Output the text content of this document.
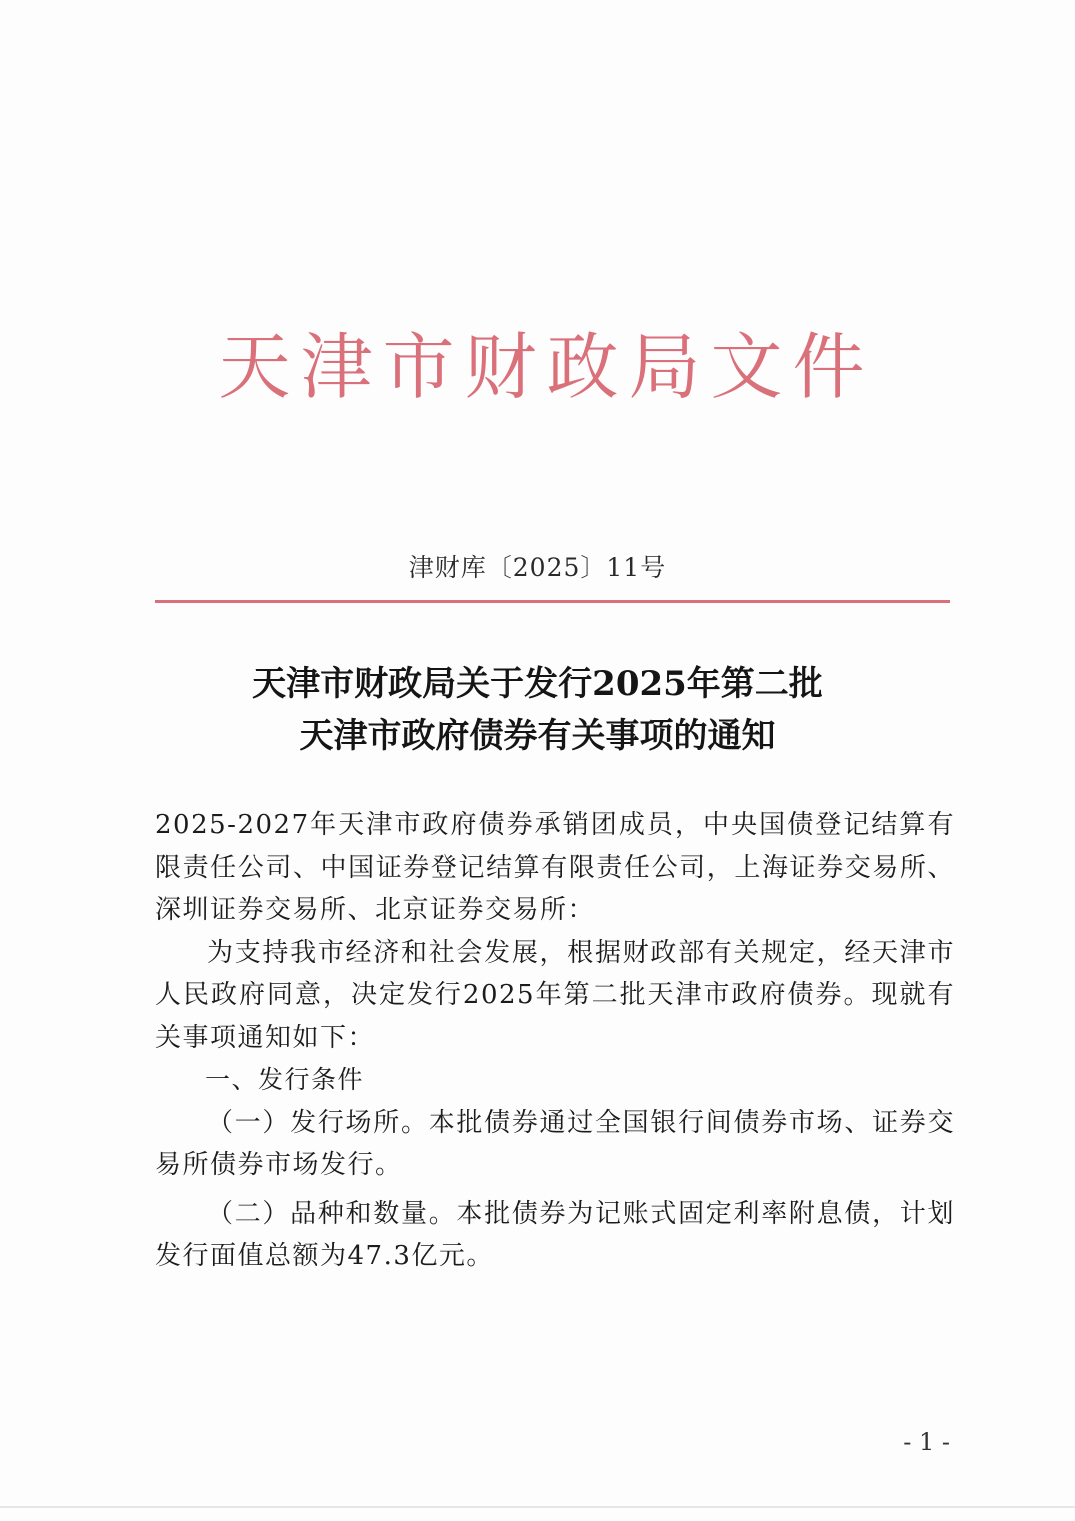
天津市财政局文件
津财库〔2025〕11号
天津市财政局关于发行2025年第二批
天津市政府债券有关事项的通知

2025-2027年天津市政府债券承销团成员，中央国债登记结算有限责任公司、中国证券登记结算有限责任公司，上海证券交易所、深圳证券交易所、北京证券交易所：

为支持我市经济和社会发展，根据财政部有关规定，经天津市人民政府同意，决定发行2025年第二批天津市政府债券。现就有关事项通知如下：

一、发行条件

（一）发行场所。本批债券通过全国银行间债券市场、证券交易所债券市场发行。

（二）品种和数量。本批债券为记账式固定利率附息债，计划发行面值总额为47.3亿元。

- 1 -
